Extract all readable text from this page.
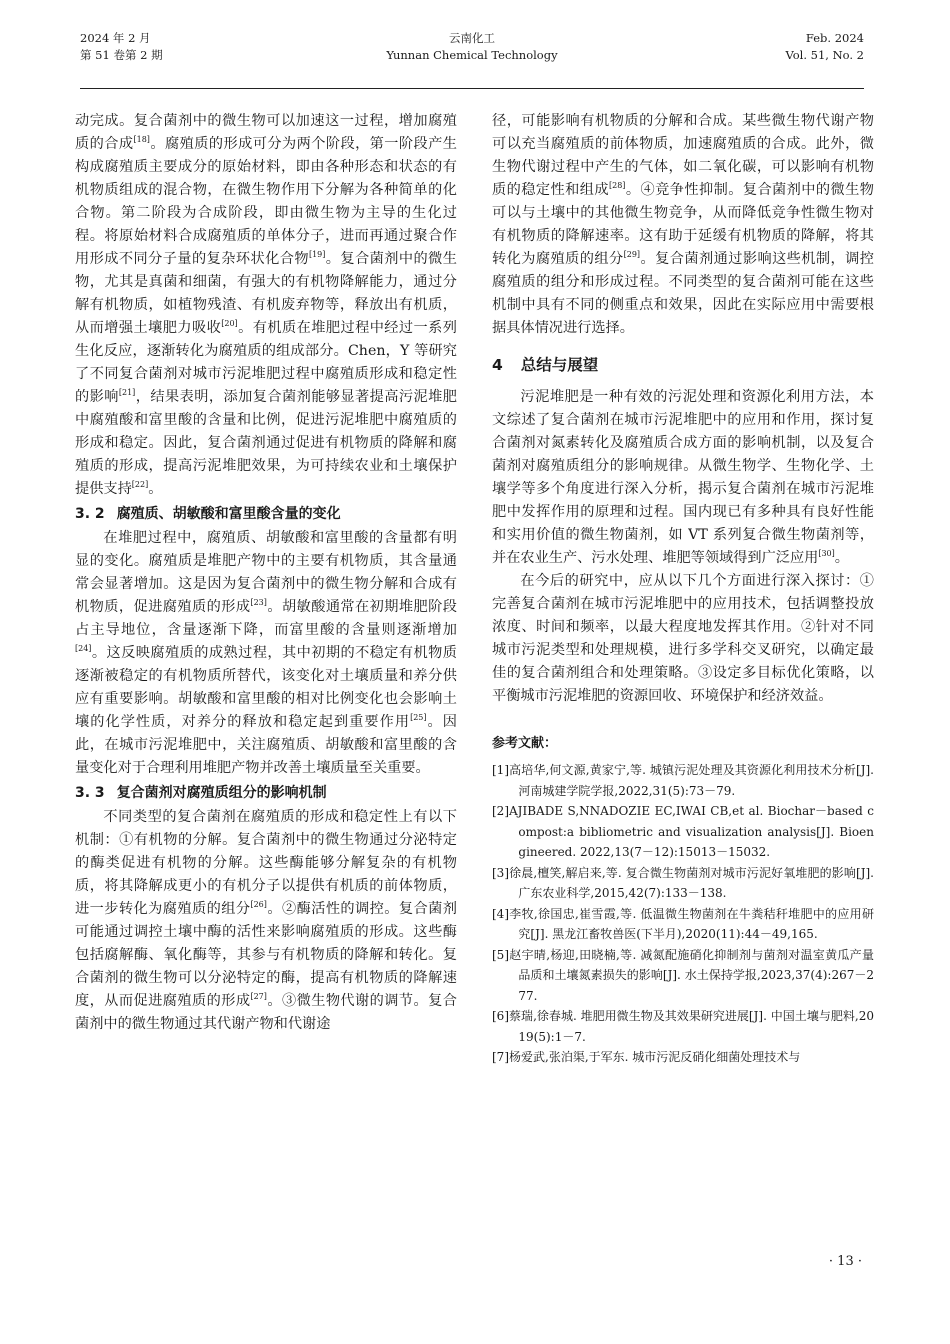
2024 年 2 月
第 51 卷第 2 期
云南化工
Yunnan Chemical Technology
Feb. 2024
Vol. 51, No. 2

动完成。复合菌剂中的微生物可以加速这一过程，增加腐殖质的合成[18]。腐殖质的形成可分为两个阶段，第一阶段产生构成腐殖质主要成分的原始材料，即由各种形态和状态的有机物质组成的混合物，在微生物作用下分解为各种简单的化合物。第二阶段为合成阶段，即由微生物为主导的生化过程。将原始材料合成腐殖质的单体分子，进而再通过聚合作用形成不同分子量的复杂环状化合物[19]。复合菌剂中的微生物，尤其是真菌和细菌，有强大的有机物降解能力，通过分解有机物质，如植物残渣、有机废弃物等，释放出有机质，从而增强土壤肥力吸收[20]。有机质在堆肥过程中经过一系列生化反应，逐渐转化为腐殖质的组成部分。Chen，Y 等研究了不同复合菌剂对城市污泥堆肥过程中腐殖质形成和稳定性的影响[21]，结果表明，添加复合菌剂能够显著提高污泥堆肥中腐殖酸和富里酸的含量和比例，促进污泥堆肥中腐殖质的形成和稳定。因此，复合菌剂通过促进有机物质的降解和腐殖质的形成，提高污泥堆肥效果，为可持续农业和土壤保护提供支持[22]。

3. 2 腐殖质、胡敏酸和富里酸含量的变化

在堆肥过程中，腐殖质、胡敏酸和富里酸的含量都有明显的变化。腐殖质是堆肥产物中的主要有机物质，其含量通常会显著增加。这是因为复合菌剂中的微生物分解和合成有机物质，促进腐殖质的形成[23]。胡敏酸通常在初期堆肥阶段占主导地位，含量逐渐下降，而富里酸的含量则逐渐增加[24]。这反映腐殖质的成熟过程，其中初期的不稳定有机物质逐渐被稳定的有机物质所替代，该变化对土壤质量和养分供应有重要影响。胡敏酸和富里酸的相对比例变化也会影响土壤的化学性质，对养分的释放和稳定起到重要作用[25]。因此，在城市污泥堆肥中，关注腐殖质、胡敏酸和富里酸的含量变化对于合理利用堆肥产物并改善土壤质量至关重要。

3. 3 复合菌剂对腐殖质组分的影响机制

不同类型的复合菌剂在腐殖质的形成和稳定性上有以下机制：①有机物的分解。复合菌剂中的微生物通过分泌特定的酶类促进有机物的分解。这些酶能够分解复杂的有机物质，将其降解成更小的有机分子以提供有机质的前体物质，进一步转化为腐殖质的组分[26]。②酶活性的调控。复合菌剂可能通过调控土壤中酶的活性来影响腐殖质的形成。这些酶包括腐解酶、氧化酶等，其参与有机物质的降解和转化。复合菌剂的微生物可以分泌特定的酶，提高有机物质的降解速度，从而促进腐殖质的形成[27]。③微生物代谢的调节。复合菌剂中的微生物通过其代谢产物和代谢途

径，可能影响有机物质的分解和合成。某些微生物代谢产物可以充当腐殖质的前体物质，加速腐殖质的合成。此外，微生物代谢过程中产生的气体，如二氧化碳，可以影响有机物质的稳定性和组成[28]。④竞争性抑制。复合菌剂中的微生物可以与土壤中的其他微生物竞争，从而降低竞争性微生物对有机物质的降解速率。这有助于延缓有机物质的降解，将其转化为腐殖质的组分[29]。复合菌剂通过影响这些机制，调控腐殖质的组分和形成过程。不同类型的复合菌剂可能在这些机制中具有不同的侧重点和效果，因此在实际应用中需要根据具体情况进行选择。

4 总结与展望

污泥堆肥是一种有效的污泥处理和资源化利用方法，本文综述了复合菌剂在城市污泥堆肥中的应用和作用，探讨复合菌剂对氮素转化及腐殖质合成方面的影响机制，以及复合菌剂对腐殖质组分的影响规律。从微生物学、生物化学、土壤学等多个角度进行深入分析，揭示复合菌剂在城市污泥堆肥中发挥作用的原理和过程。国内现已有多种具有良好性能和实用价值的微生物菌剂，如 VT 系列复合微生物菌剂等，并在农业生产、污水处理、堆肥等领域得到广泛应用[30]。

在今后的研究中，应从以下几个方面进行深入探讨：①完善复合菌剂在城市污泥堆肥中的应用技术，包括调整投放浓度、时间和频率，以最大程度地发挥其作用。②针对不同城市污泥类型和处理规模，进行多学科交叉研究，以确定最佳的复合菌剂组合和处理策略。③设定多目标优化策略，以平衡城市污泥堆肥的资源回收、环境保护和经济效益。

参考文献：
[1]高培华,何文源,黄家宁,等. 城镇污泥处理及其资源化利用技术分析[J]. 河南城建学院学报,2022,31(5):73－79.
[2]AJIBADE S,NNADOZIE EC,IWAI CB,et al. Biochar－based compost:a bibliometric and visualization analysis[J]. Bioengineered. 2022,13(7－12):15013－15032.
[3]徐晨,檀笑,解启来,等. 复合微生物菌剂对城市污泥好氧堆肥的影响[J]. 广东农业科学,2015,42(7):133－138.
[4]李牧,徐国忠,崔雪霞,等. 低温微生物菌剂在牛粪秸秆堆肥中的应用研究[J]. 黑龙江畜牧兽医(下半月),2020(11):44－49,165.
[5]赵宇晴,杨迎,田晓楠,等. 减氮配施硝化抑制剂与菌剂对温室黄瓜产量品质和土壤氮素损失的影响[J]. 水土保持学报,2023,37(4):267－277.
[6]蔡瑞,徐春城. 堆肥用微生物及其效果研究进展[J]. 中国土壤与肥料,2019(5):1－7.
[7]杨爱武,张泊渠,于军东. 城市污泥反硝化细菌处理技术与
· 13 ·
